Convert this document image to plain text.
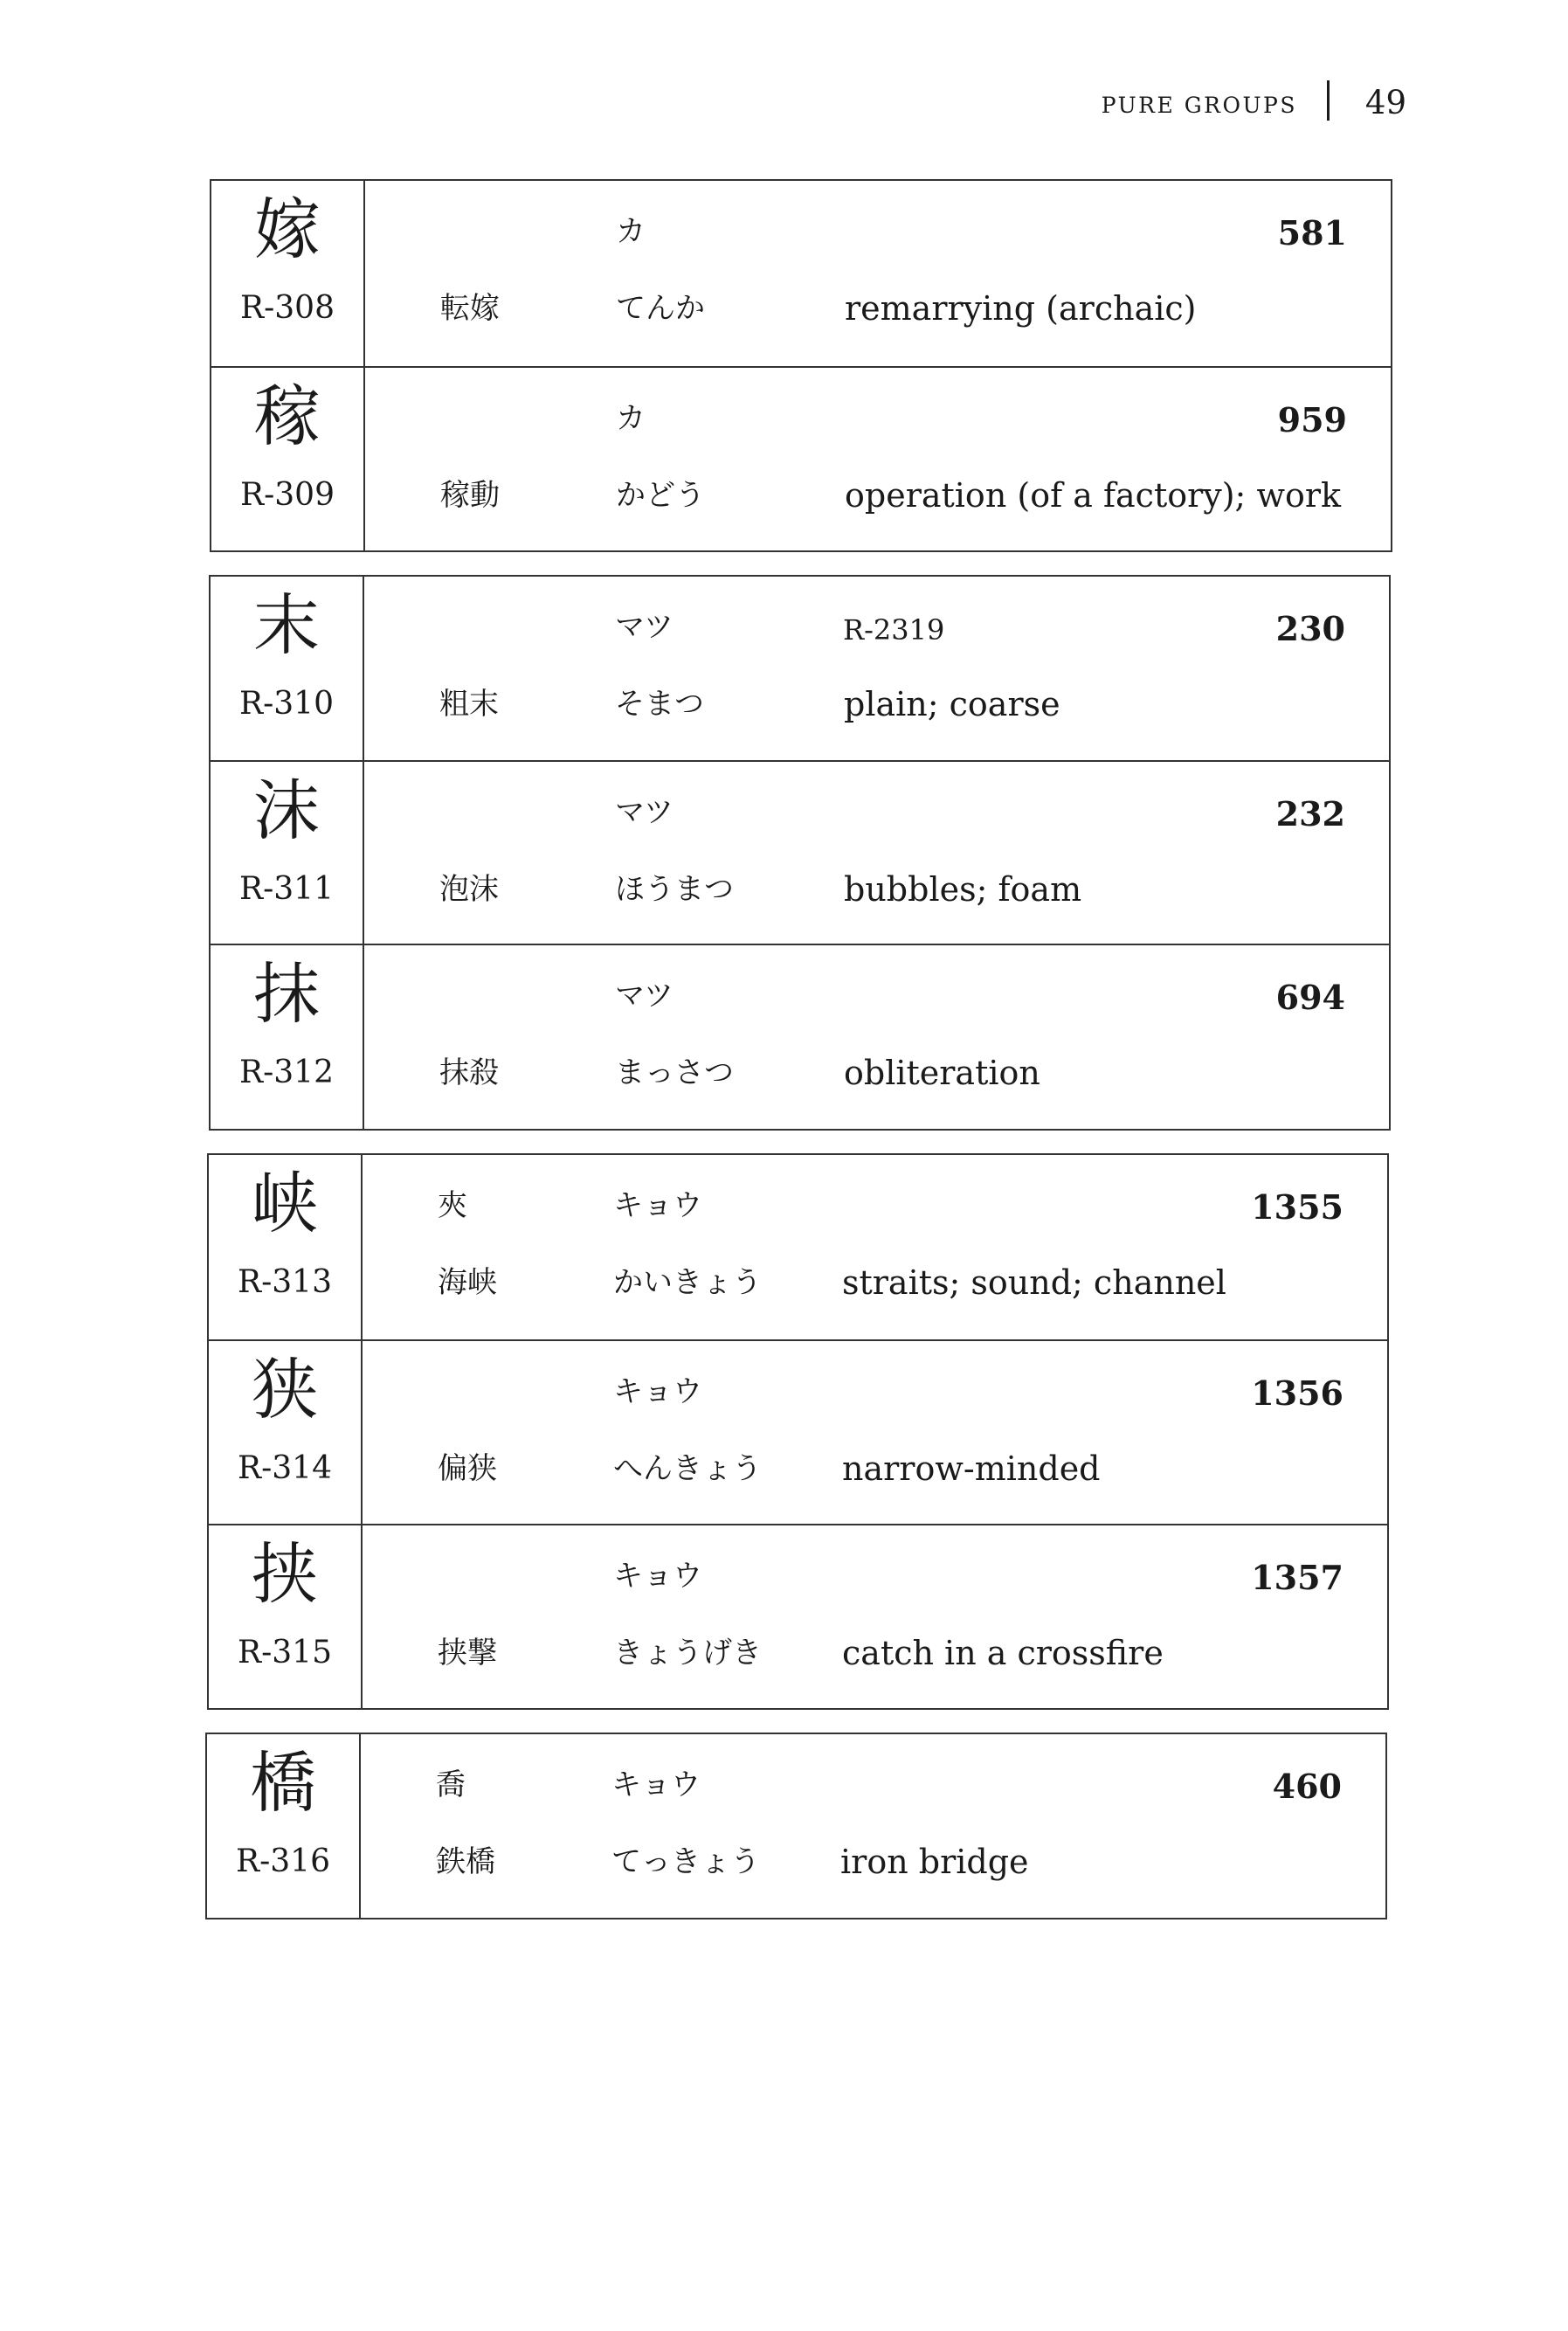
PURE GROUPS 49
嫁
R-308
カ	581
転嫁	てんか	remarrying (archaic)
稼
R-309
カ	959
稼動	かどう	operation (of a factory); work
末
R-310
マツ	R-2319	230
粗末	そまつ	plain; coarse
沫
R-311
マツ	232
泡沫	ほうまつ	bubbles; foam
抹
R-312
マツ	694
抹殺	まっさつ	obliteration
峡
R-313
夾	キョウ	1355
海峡	かいきょう straits; sound; channel
狭
R-314
キョウ	1356
偏狭	へんきょう narrow-minded
挟
R-315
キョウ	1357
挟撃	きょうげき catch in a crossfire
橋
R-316
喬	キョウ	460
鉄橋	てっきょう iron bridge
